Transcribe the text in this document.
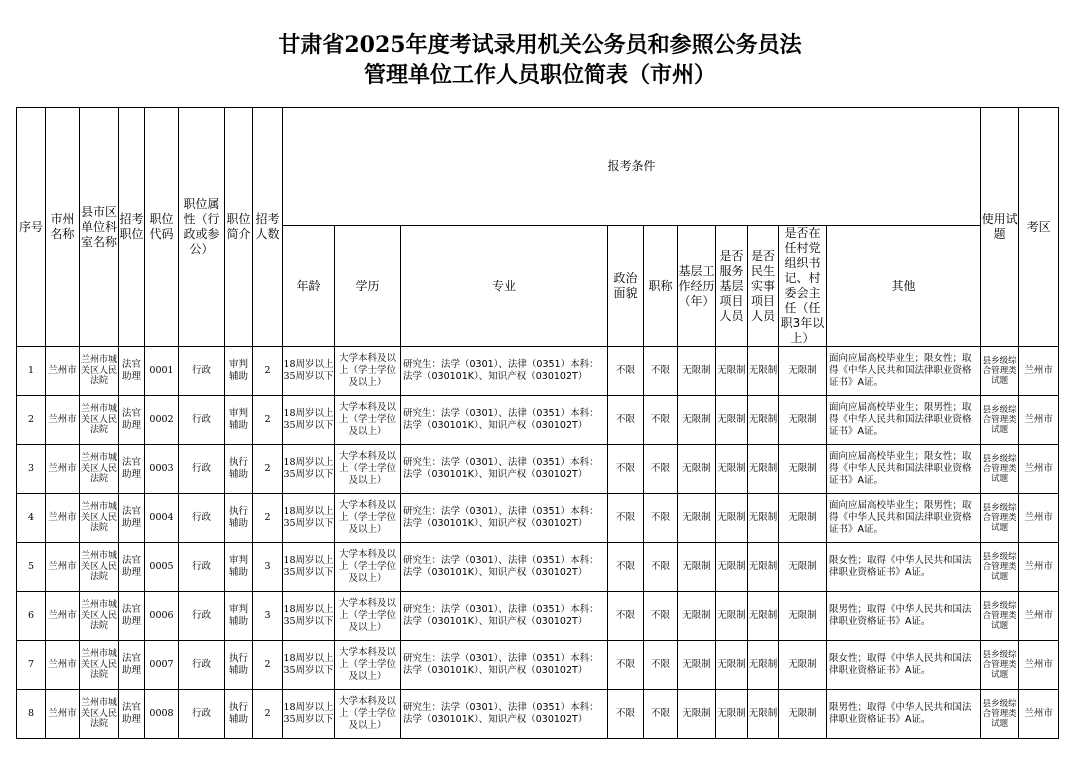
甘肃省2025年度考试录用机关公务员和参照公务员法
管理单位工作人员职位简表（市州）
序号	市州名称	县市区单位科室名称	招考职位	职位代码	职位属性（行政或参公）	职位简介	招考人数	报考条件										使用试题	考区
								年龄	学历	专业	政治面貌	职称	基层工作经历（年）	是否服务基层项目人员	是否民生实事项目人员	是否在任村党组织书记、村委会主任（任职3年以上）	其他		
1	兰州市	兰州市城关区人民法院	法官助理	0001	行政	审判辅助	2	18周岁以上35周岁以下	大学本科及以上（学士学位及以上）	研究生：法学（0301）、法律（0351）本科：法学（030101K）、知识产权（030102T）	不限	不限	无限制	无限制	无限制	无限制	面向应届高校毕业生；限女性；取得《中华人民共和国法律职业资格证书》A证。	县乡级综合管理类试题	兰州市
2	兰州市	兰州市城关区人民法院	法官助理	0002	行政	审判辅助	2	18周岁以上35周岁以下	大学本科及以上（学士学位及以上）	研究生：法学（0301）、法律（0351）本科：法学（030101K）、知识产权（030102T）	不限	不限	无限制	无限制	无限制	无限制	面向应届高校毕业生；限男性；取得《中华人民共和国法律职业资格证书》A证。	县乡级综合管理类试题	兰州市
3	兰州市	兰州市城关区人民法院	法官助理	0003	行政	执行辅助	2	18周岁以上35周岁以下	大学本科及以上（学士学位及以上）	研究生：法学（0301）、法律（0351）本科：法学（030101K）、知识产权（030102T）	不限	不限	无限制	无限制	无限制	无限制	面向应届高校毕业生；限女性；取得《中华人民共和国法律职业资格证书》A证。	县乡级综合管理类试题	兰州市
4	兰州市	兰州市城关区人民法院	法官助理	0004	行政	执行辅助	2	18周岁以上35周岁以下	大学本科及以上（学士学位及以上）	研究生：法学（0301）、法律（0351）本科：法学（030101K）、知识产权（030102T）	不限	不限	无限制	无限制	无限制	无限制	面向应届高校毕业生；限男性；取得《中华人民共和国法律职业资格证书》A证。	县乡级综合管理类试题	兰州市
5	兰州市	兰州市城关区人民法院	法官助理	0005	行政	审判辅助	3	18周岁以上35周岁以下	大学本科及以上（学士学位及以上）	研究生：法学（0301）、法律（0351）本科：法学（030101K）、知识产权（030102T）	不限	不限	无限制	无限制	无限制	无限制	限女性；取得《中华人民共和国法律职业资格证书》A证。	县乡级综合管理类试题	兰州市
6	兰州市	兰州市城关区人民法院	法官助理	0006	行政	审判辅助	3	18周岁以上35周岁以下	大学本科及以上（学士学位及以上）	研究生：法学（0301）、法律（0351）本科：法学（030101K）、知识产权（030102T）	不限	不限	无限制	无限制	无限制	无限制	限男性；取得《中华人民共和国法律职业资格证书》A证。	县乡级综合管理类试题	兰州市
7	兰州市	兰州市城关区人民法院	法官助理	0007	行政	执行辅助	2	18周岁以上35周岁以下	大学本科及以上（学士学位及以上）	研究生：法学（0301）、法律（0351）本科：法学（030101K）、知识产权（030102T）	不限	不限	无限制	无限制	无限制	无限制	限女性；取得《中华人民共和国法律职业资格证书》A证。	县乡级综合管理类试题	兰州市
8	兰州市	兰州市城关区人民法院	法官助理	0008	行政	执行辅助	2	18周岁以上35周岁以下	大学本科及以上（学士学位及以上）	研究生：法学（0301）、法律（0351）本科：法学（030101K）、知识产权（030102T）	不限	不限	无限制	无限制	无限制	无限制	限男性；取得《中华人民共和国法律职业资格证书》A证。	县乡级综合管理类试题	兰州市
